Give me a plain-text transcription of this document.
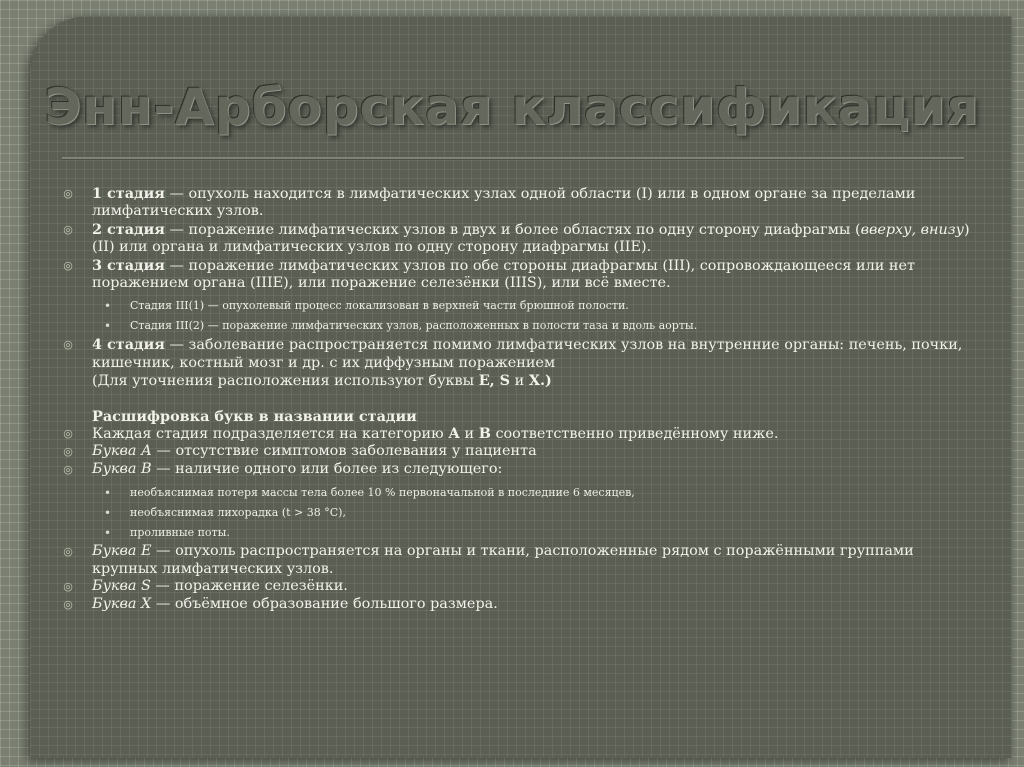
Энн-Арборская классификация
◎ 1 стадия — опухоль находится в лимфатических узлах одной области (I) или в одном органе за пределами лимфатических узлов.
◎ 2 стадия — поражение лимфатических узлов в двух и более областях по одну сторону диафрагмы (вверху, внизу) (II) или органа и лимфатических узлов по одну сторону диафрагмы (IIE).
◎ 3 стадия — поражение лимфатических узлов по обе стороны диафрагмы (III), сопровождающееся или нет поражением органа (IIIE), или поражение селезёнки (IIIS), или всё вместе.
• Стадия III(1) — опухолевый процесс локализован в верхней части брюшной полости.
• Стадия III(2) — поражение лимфатических узлов, расположенных в полости таза и вдоль аорты.
◎ 4 стадия — заболевание распространяется помимо лимфатических узлов на внутренние органы: печень, почки, кишечник, костный мозг и др. с их диффузным поражением
(Для уточнения расположения используют буквы E, S и X.)
Расшифровка букв в названии стадии
◎ Каждая стадия подразделяется на категорию А и B соответственно приведённому ниже.
◎ Буква А — отсутствие симптомов заболевания у пациента
◎ Буква В — наличие одного или более из следующего:
• необъяснимая потеря массы тела более 10 % первоначальной в последние 6 месяцев,
• необъяснимая лихорадка (t > 38 °C),
• проливные поты.
◎ Буква E — опухоль распространяется на органы и ткани, расположенные рядом с поражёнными группами крупных лимфатических узлов.
◎ Буква S — поражение селезёнки.
◎ Буква X — объёмное образование большого размера.
